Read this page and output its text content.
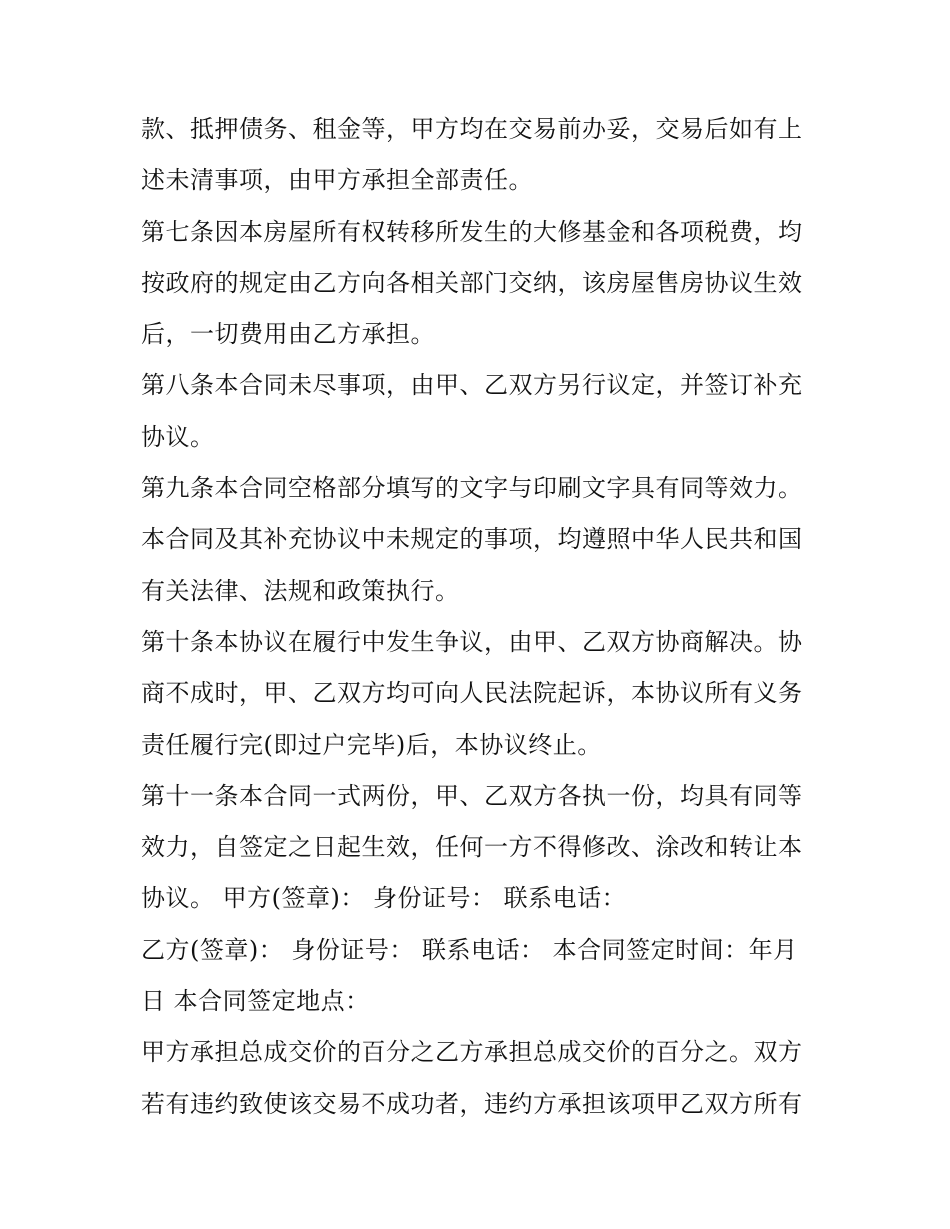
款、抵押债务、租金等，甲方均在交易前办妥，交易后如有上
述未清事项，由甲方承担全部责任。
第七条因本房屋所有权转移所发生的大修基金和各项税费，均
按政府的规定由乙方向各相关部门交纳，该房屋售房协议生效
后，一切费用由乙方承担。
第八条本合同未尽事项，由甲、乙双方另行议定，并签订补充
协议。
第九条本合同空格部分填写的文字与印刷文字具有同等效力。
本合同及其补充协议中未规定的事项，均遵照中华人民共和国
有关法律、法规和政策执行。
第十条本协议在履行中发生争议，由甲、乙双方协商解决。协
商不成时，甲、乙双方均可向人民法院起诉，本协议所有义务
责任履行完(即过户完毕)后，本协议终止。
第十一条本合同一式两份，甲、乙双方各执一份，均具有同等
效力，自签定之日起生效，任何一方不得修改、涂改和转让本
协议。 甲方(签章)： 身份证号： 联系电话：
乙方(签章)： 身份证号： 联系电话： 本合同签定时间：年月
日 本合同签定地点：
甲方承担总成交价的百分之乙方承担总成交价的百分之。双方
若有违约致使该交易不成功者，违约方承担该项甲乙双方所有
